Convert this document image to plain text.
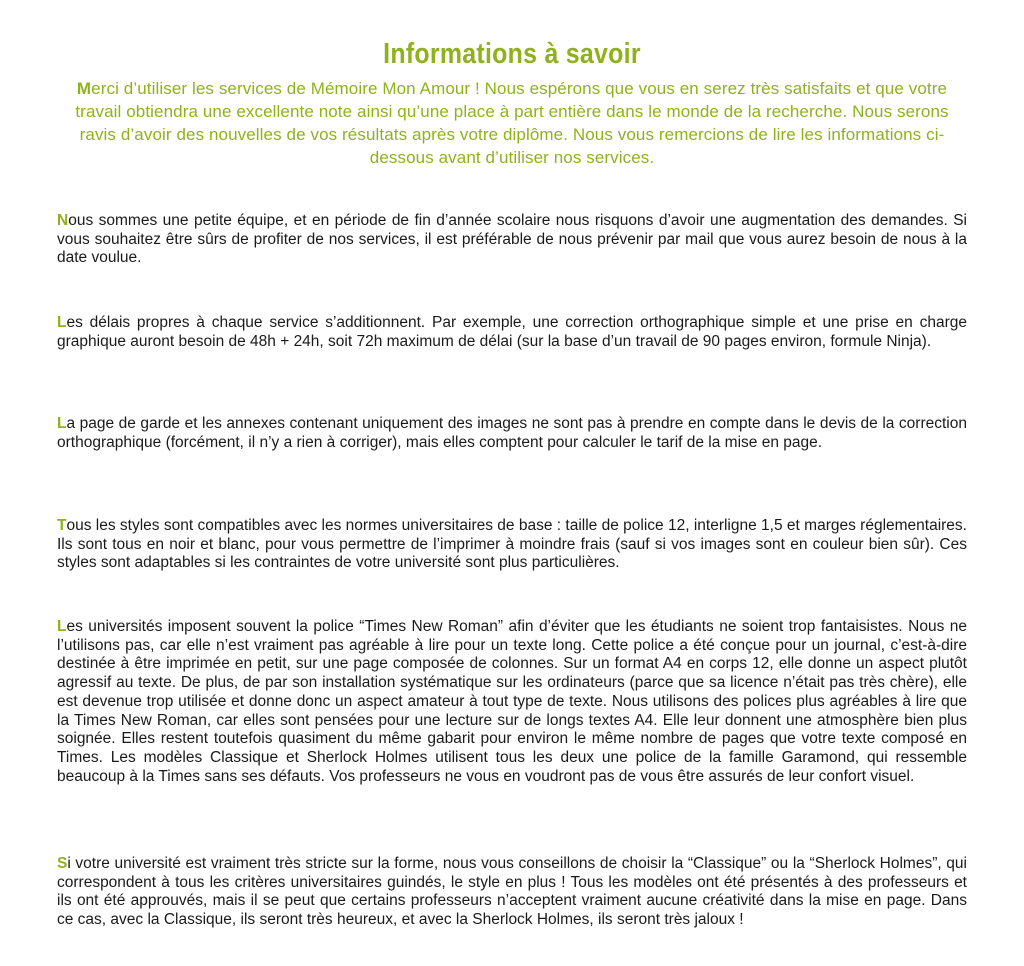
Informations à savoir
Merci d’utiliser les services de Mémoire Mon Amour ! Nous espérons que vous en serez très satisfaits et que votre travail obtiendra une excellente note ainsi qu’une place à part entière dans le monde de la recherche. Nous serons ravis d’avoir des nouvelles de vos résultats après votre diplôme. Nous vous remercions de lire les informations ci-dessous avant d’utiliser nos services.
Nous sommes une petite équipe, et en période de fin d’année scolaire nous risquons d’avoir une augmentation des demandes. Si vous souhaitez être sûrs de profiter de nos services, il est préférable de nous prévenir par mail que vous aurez besoin de nous à la date voulue.
Les délais propres à chaque service s’additionnent. Par exemple, une correction orthographique simple et une prise en charge graphique auront besoin de 48h + 24h, soit 72h maximum de délai (sur la base d’un travail de 90 pages environ, formule Ninja).
La page de garde et les annexes contenant uniquement des images ne sont pas à prendre en compte dans le devis de la correction orthographique (forcément, il n’y a rien à corriger), mais elles comptent pour calculer le tarif de la mise en page.
Tous les styles sont compatibles avec les normes universitaires de base : taille de police 12, interligne 1,5 et marges réglementaires. Ils sont tous en noir et blanc, pour vous permettre de l’imprimer à moindre frais (sauf si vos images sont en couleur bien sûr). Ces styles sont adaptables si les contraintes de votre université sont plus particulières.
Les universités imposent souvent la police “Times New Roman” afin d’éviter que les étudiants ne soient trop fantaisistes. Nous ne l’utilisons pas, car elle n’est vraiment pas agréable à lire pour un texte long. Cette police a été conçue pour un journal, c’est-à-dire destinée à être imprimée en petit, sur une page composée de colonnes. Sur un format A4 en corps 12, elle donne un aspect plutôt agressif au texte. De plus, de par son installation systématique sur les ordinateurs (parce que sa licence n’était pas très chère), elle est devenue trop utilisée et donne donc un aspect amateur à tout type de texte. Nous utilisons des polices plus agréables à lire que la Times New Roman, car elles sont pensées pour une lecture sur de longs textes A4. Elle leur donnent une atmosphère bien plus soignée. Elles restent toutefois quasiment du même gabarit pour environ le même nombre de pages que votre texte composé en Times. Les modèles Classique et Sherlock Holmes utilisent tous les deux une police de la famille Garamond, qui ressemble beaucoup à la Times sans ses défauts. Vos professeurs ne vous en voudront pas de vous être assurés de leur confort visuel.
Si votre université est vraiment très stricte sur la forme, nous vous conseillons de choisir la “Classique” ou la “Sherlock Holmes”, qui correspondent à tous les critères universitaires guindés, le style en plus ! Tous les modèles ont été présentés à des professeurs et ils ont été approuvés, mais il se peut que certains professeurs n’acceptent vraiment aucune créativité dans la mise en page. Dans ce cas, avec la Classique, ils seront très heureux, et avec la Sherlock Holmes, ils seront très jaloux !
